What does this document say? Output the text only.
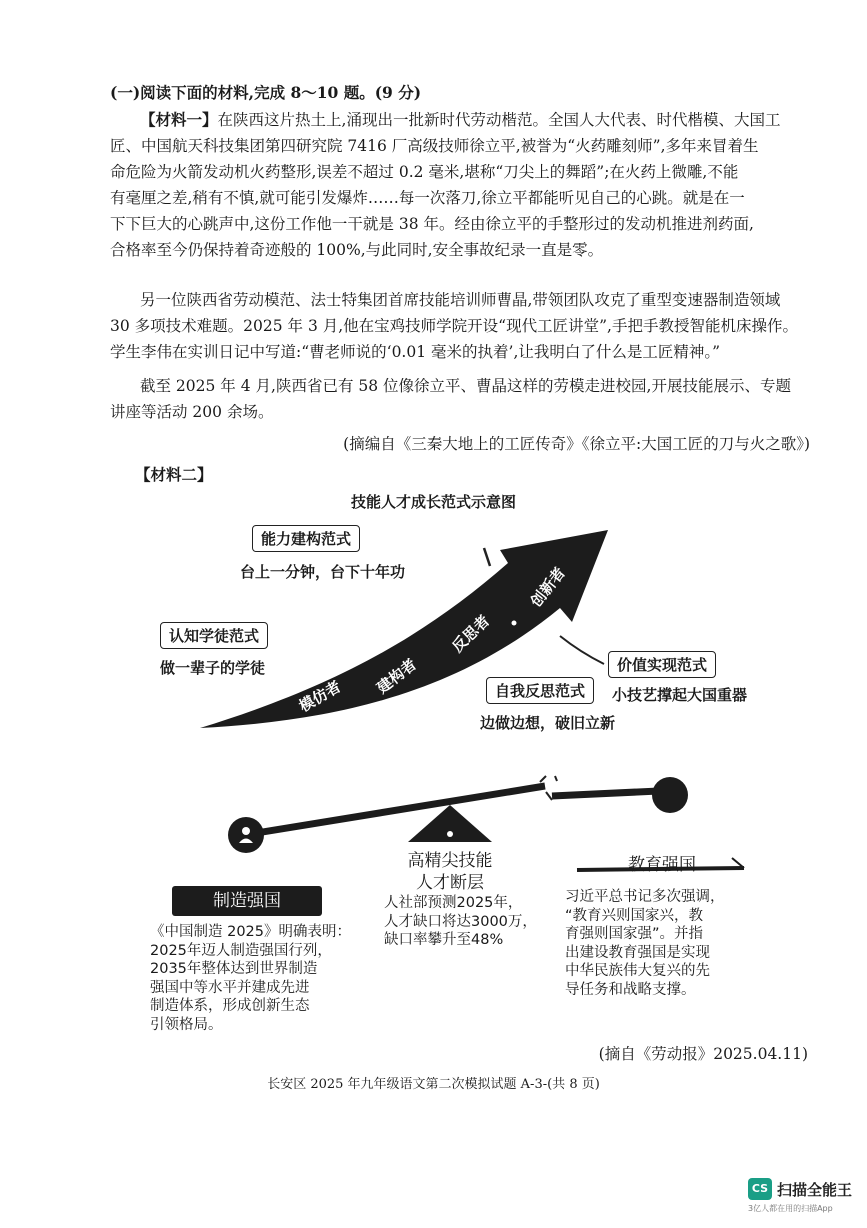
(一)阅读下面的材料,完成 8～10 题。(9 分)
【材料一】在陕西这片热土上,涌现出一批新时代劳动楷范。全国人大代表、时代楷模、大国工
匠、中国航天科技集团第四研究院 7416 厂高级技师徐立平,被誉为“火药雕刻师”,多年来冒着生
命危险为火箭发动机火药整形,误差不超过 0.2 毫米,堪称“刀尖上的舞蹈”;在火药上微雕,不能
有毫厘之差,稍有不慎,就可能引发爆炸……每一次落刀,徐立平都能听见自己的心跳。就是在一
下下巨大的心跳声中,这份工作他一干就是 38 年。经由徐立平的手整形过的发动机推进剂药面,
合格率至今仍保持着奇迹般的 100%,与此同时,安全事故纪录一直是零。
另一位陕西省劳动模范、法士特集团首席技能培训师曹晶,带领团队攻克了重型变速器制造领域
30 多项技术难题。2025 年 3 月,他在宝鸡技师学院开设“现代工匠讲堂”,手把手教授智能机床操作。
学生李伟在实训日记中写道:“曹老师说的‘0.01 毫米的执着’,让我明白了什么是工匠精神。”
截至 2025 年 4 月,陕西省已有 58 位像徐立平、曹晶这样的劳模走进校园,开展技能展示、专题
讲座等活动 200 余场。
(摘编自《三秦大地上的工匠传奇》《徐立平:大国工匠的刀与火之歌》)
【材料二】
技能人才成长范式示意图
模仿者 建构者
反思者
创新者
能力建构范式
台上一分钟，台下十年功
认知学徒范式
做一辈子的学徒
自我反思范式
边做边想，破旧立新
价值实现范式
小技艺撑起大国重器
制造强国
《中国制造 2025》明确表明：
2025年迈人制造强国行列，
2035年整体达到世界制造
强国中等水平并建成先进
制造体系，形成创新生态
引领格局。
高精尖技能
人才断层
人社部预测2025年，
人才缺口将达3000万，
缺口率攀升至48%
教育强国
习近平总书记多次强调，
“教育兴则国家兴，教
育强则国家强”。并指
出建设教育强国是实现
中华民族伟大复兴的先
导任务和战略支撑。
(摘自《劳动报》2025.04.11)
长安区 2025 年九年级语文第二次模拟试题 A-3-(共 8 页)
CS 扫描全能王
3亿人都在用的扫描App
